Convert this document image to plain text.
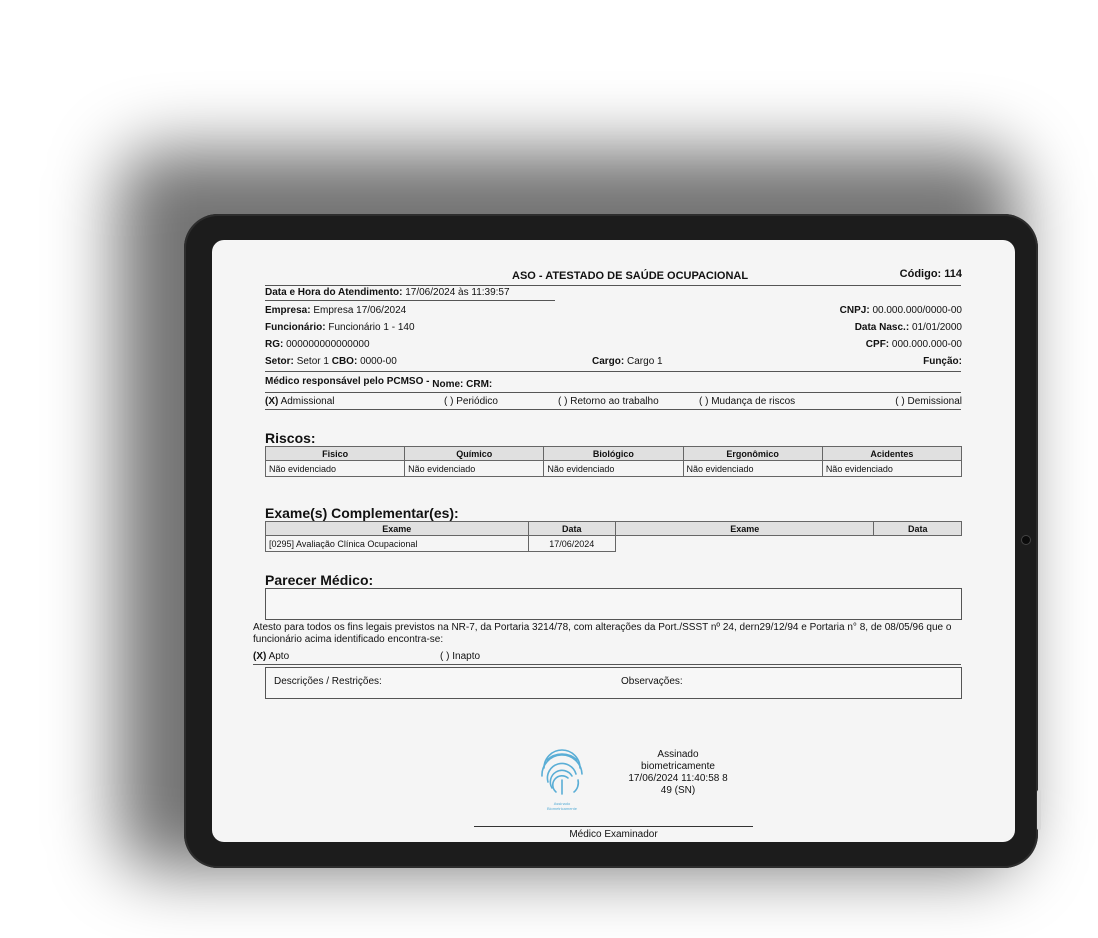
ASO - ATESTADO DE SAÚDE OCUPACIONAL	Código: 114
Data e Hora do Atendimento: 17/06/2024 às 11:39:57
Empresa: Empresa 17/06/2024	CNPJ: 00.000.000/0000-00
Funcionário: Funcionário 1 - 140	Data Nasc.: 01/01/2000
RG: 000000000000000	CPF: 000.000.000-00
Setor: Setor 1 CBO: 0000-00	Cargo: Cargo 1	Função:
Médico responsável pelo PCMSO - Nome: CRM:
(X) Admissional	( ) Periódico	( ) Retorno ao trabalho	( ) Mudança de riscos	( ) Demissional
Riscos:
Fisico	Químico	Biológico	Ergonômico	Acidentes
Não evidenciado	Não evidenciado	Não evidenciado	Não evidenciado	Não evidenciado
Exame(s) Complementar(es):
Exame	Data	Exame	Data
[0295] Avaliação Clínica Ocupacional	17/06/2024		
Parecer Médico:
Atesto para todos os fins legais previstos na NR-7, da Portaria 3214/78, com alterações da Port./SSST nº 24, dern29/12/94 e Portaria n° 8, de 08/05/96 que o funcionário acima identificado encontra-se:
(X) Apto	( ) Inapto
Descrições / Restrições:	Observações:
Assinado
Biometricamente
Assinado
biometricamente
17/06/2024 11:40:58 8
49 (SN)
Médico Examinador
